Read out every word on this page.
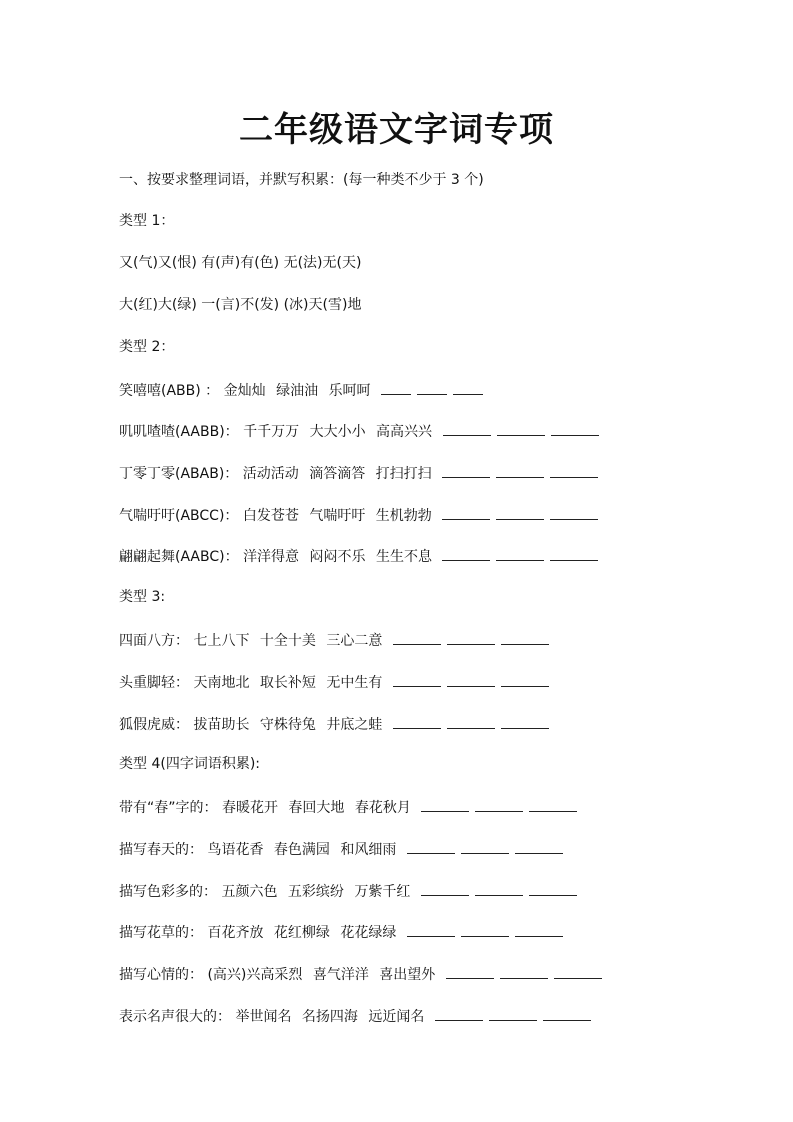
二年级语文字词专项

一、按要求整理词语，并默写积累：(每一种类不少于 3 个)

类型 1：

又(气)又(恨) 有(声)有(色) 无(法)无(天)

大(红)大(绿) 一(言)不(发) (冰)天(雪)地

类型 2：

笑嘻嘻(ABB) ： 金灿灿 绿油油 乐呵呵

叽叽喳喳(AABB)： 千千万万 大大小小 高高兴兴

丁零丁零(ABAB)： 活动活动 滴答滴答 打扫打扫

气喘吁吁(ABCC)： 白发苍苍 气喘吁吁 生机勃勃

翩翩起舞(AABC)： 洋洋得意 闷闷不乐 生生不息

类型 3:

四面八方： 七上八下 十全十美 三心二意

头重脚轻： 天南地北 取长补短 无中生有

狐假虎威： 拔苗助长 守株待兔 井底之蛙

类型 4(四字词语积累):

带有“春”字的： 春暖花开 春回大地 春花秋月

描写春天的： 鸟语花香 春色满园 和风细雨

描写色彩多的： 五颜六色 五彩缤纷 万紫千红

描写花草的： 百花齐放 花红柳绿 花花绿绿

描写心情的： (高兴)兴高采烈 喜气洋洋 喜出望外

表示名声很大的： 举世闻名 名扬四海 远近闻名
